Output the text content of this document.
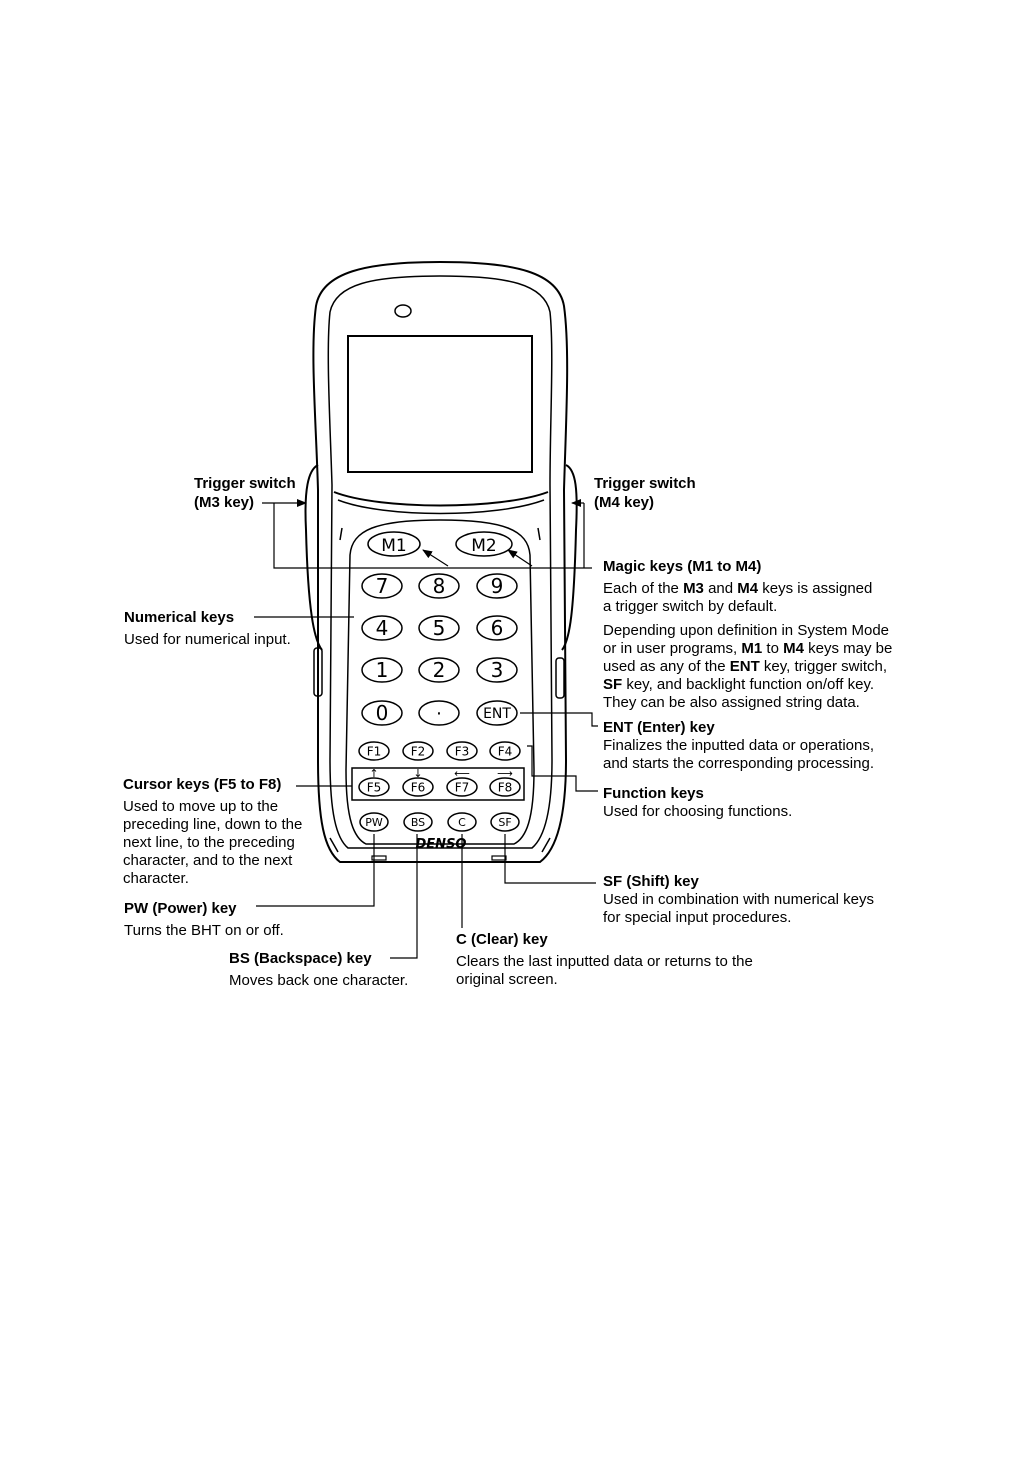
M1	M2
7 8 9
4 5 6
1 2 3
0	·	ENT
F1 F2 F3 F4
F5 F6 F7 F8
↑	↓	⟵ ⟶
PW	BS	C	SF
DENSO
Trigger switch
(M3 key)
Trigger switch
(M4 key)
Magic keys (M1 to M4)
Each of the M3 and M4 keys is assigned
a trigger switch by default.
Depending upon definition in System Mode
or in user programs, M1 to M4 keys may be
used as any of the ENT key, trigger switch,
SF key, and backlight function on/off key.
They can be also assigned string data.
Numerical keys
Used for numerical input.
ENT (Enter) key
Finalizes the inputted data or operations,
and starts the corresponding processing.
Function keys
Used for choosing functions.
Cursor keys (F5 to F8)
Used to move up to the
preceding line, down to the
next line, to the preceding
character, and to the next
character.	SF (Shift) key
Used in combination with numerical keys
for special input procedures.
PW (Power) key
Turns the BHT on or off.
C (Clear) key
Clears the last inputted data or returns to the
original screen.
BS (Backspace) key
Moves back one character.
